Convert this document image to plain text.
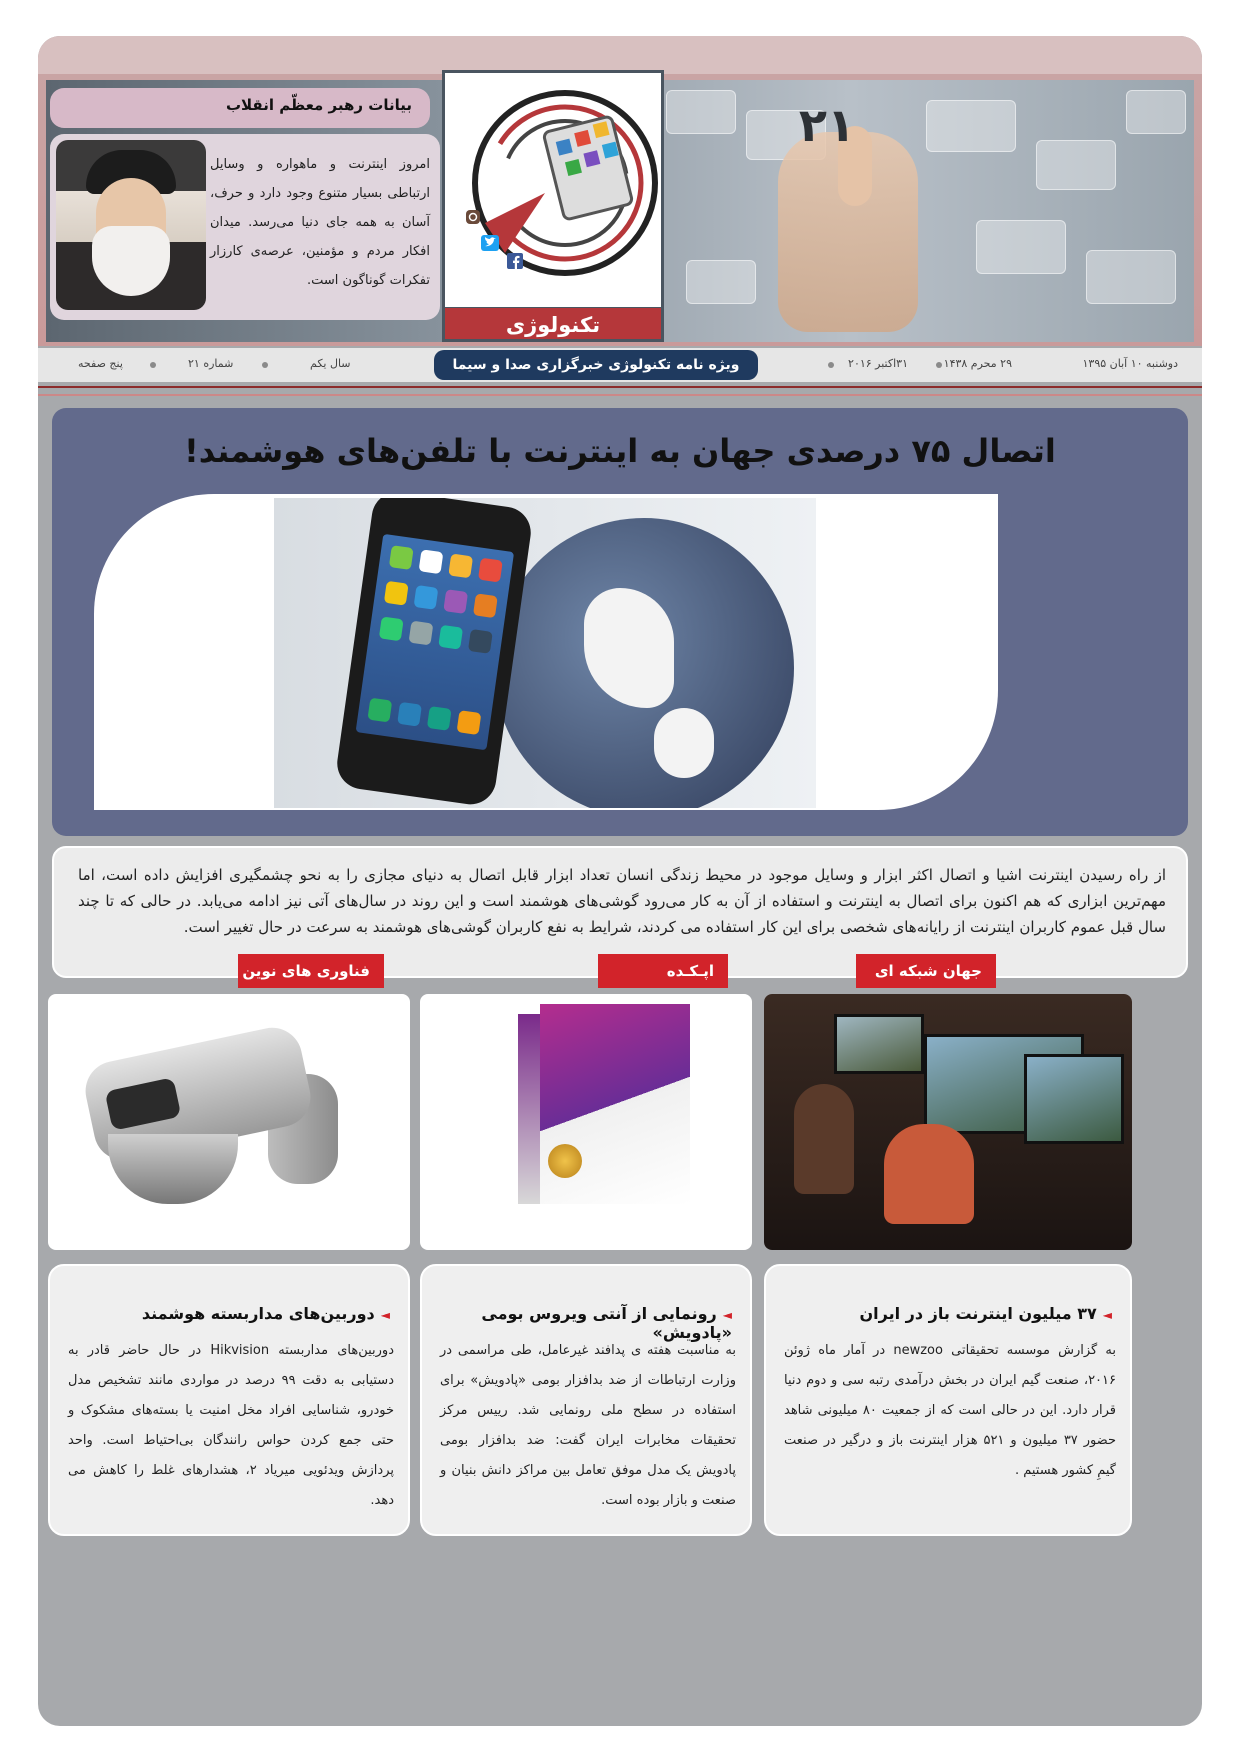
بیانات رهبر معظّم انقلاب
امروز اینترنت و ماهواره و وسایل ارتباطی بسیار متنوع وجود دارد و حرف، آسان به همه جای دنیا می‌رسد. میدان افکار مردم و مؤمنین، عرصه‌ی کارزار تفکرات گوناگون است.
تکنولوژی
۲۱
دوشنبه ۱۰ آبان ۱۳۹۵
۲۹ محرم ۱۴۳۸
۳۱اکتبر ۲۰۱۶
ویژه نامه تکنولوژی خبرگزاری صدا و سیما
سال یکم
شماره ۲۱
پنج صفحه
اتصال ۷۵ درصدی جهان به اینترنت با تلفن‌های هوشمند!
از راه رسیدن اینترنت اشیا و اتصال اکثر ابزار و وسایل موجود در محیط زندگی انسان تعداد ابزار قابل اتصال به دنیای مجازی را به نحو چشمگیری افزایش داده است، اما مهم‌ترین ابزاری که هم اکنون برای اتصال به اینترنت و استفاده از آن به کار می‌رود گوشی‌های هوشمند است و این روند در سال‌های آتی نیز ادامه می‌یابد. در حالی که تا چند سال قبل عموم کاربران اینترنت از رایانه‌های شخصی برای این کار استفاده می کردند، شرایط به نفع کاربران گوشی‌های هوشمند به سرعت در حال تغییر است.
جهان شبکه ای
اپـکـده
فناوری های نوین
◄۳۷ میلیون اینترنت باز در ایران
به گزارش موسسه تحقیقاتی newzoo در آمار ماه ژوئن ۲۰۱۶، صنعت گیم ایران در بخش درآمدی رتبه سی و دوم دنیا قرار دارد. این در حالی است که از جمعیت ۸۰ میلیونی شاهد حضور ۳۷ میلیون و ۵۲۱ هزار اینترنت باز و درگیر در صنعت گیمِ کشور هستیم .
◄رونمایی از آنتی ویروس بومی «پادویش»
به مناسبت هفته ی پدافند غیرعامل، طی مراسمی در وزارت ارتباطات از ضد بدافزار بومی «پادویش» برای استفاده در سطح ملی رونمایی شد. رییس مرکز تحقیقات مخابرات ایران گفت: ضد بدافزار بومی پادویش یک مدل موفق تعامل بین مراکز دانش بنیان و صنعت و بازار بوده است.
◄دوربین‌های مداربسته هوشمند
دوربین‌های مداربسته Hikvision در حال حاضر قادر به دستیابی به دقت ۹۹ درصد در مواردی مانند تشخیص مدل خودرو، شناسایی افراد مخل امنیت یا بسته‌های مشکوک و حتی جمع کردن حواس رانندگان بی‌احتیاط است. واحد پردازش ویدئویی میریاد ۲، هشدارهای غلط را کاهش می دهد.
